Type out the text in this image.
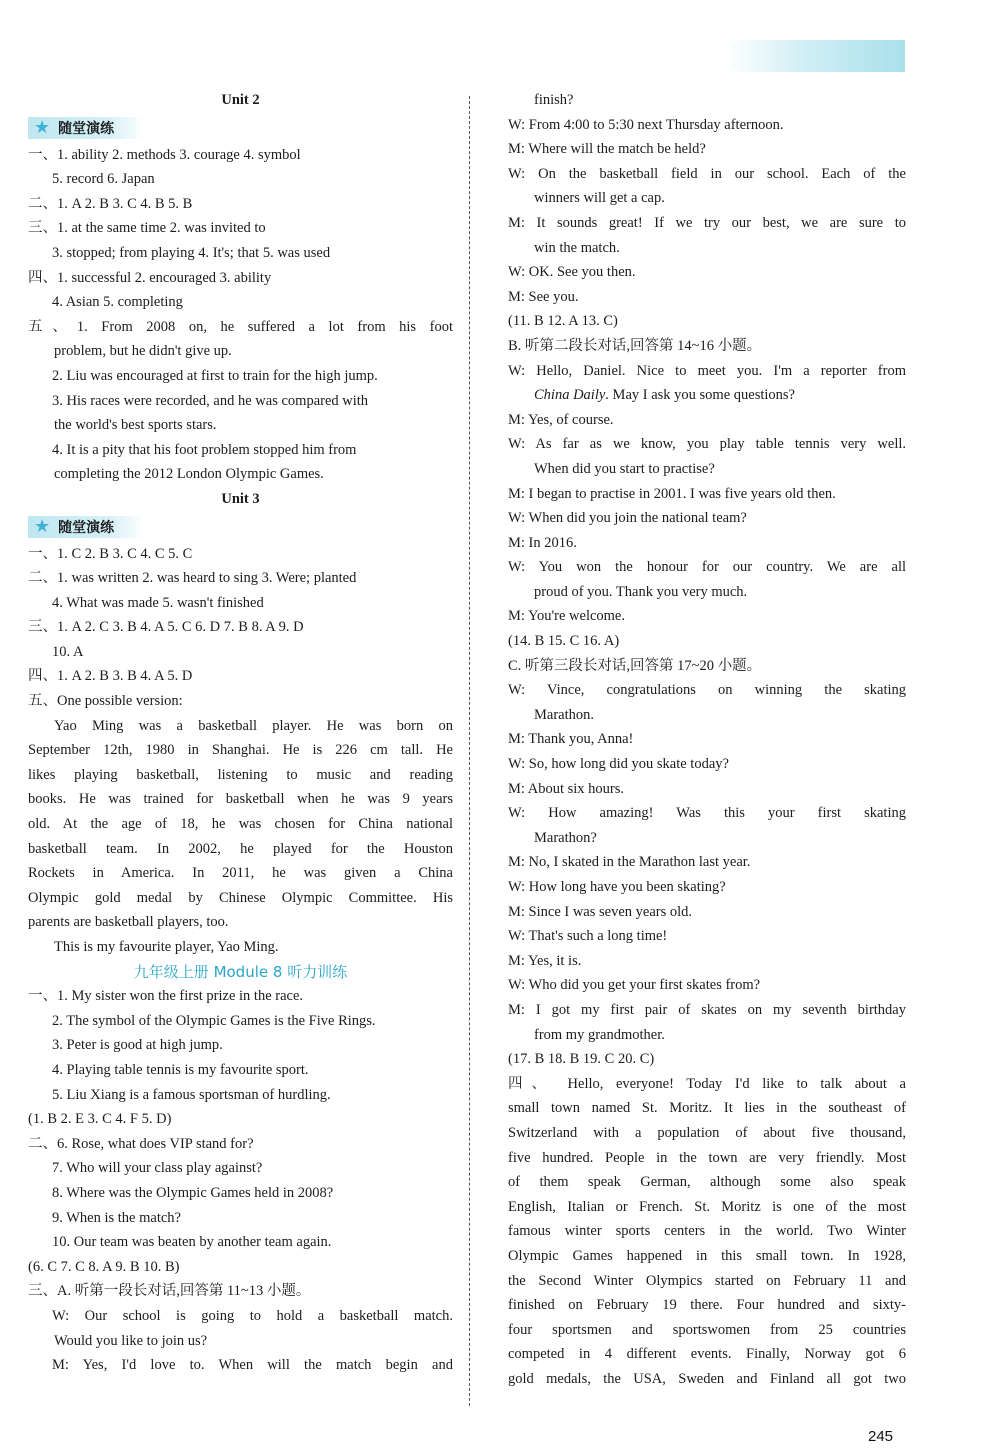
Unit 2
★ 随堂演练
一、1. ability 2. methods 3. courage 4. symbol
5. record 6. Japan
二、1. A 2. B 3. C 4. B 5. B
三、1. at the same time 2. was invited to
3. stopped; from playing 4. It's; that 5. was used
四、1. successful 2. encouraged 3. ability
4. Asian 5. completing
五、1. From 2008 on, he suffered a lot from his foot
problem, but he didn't give up.
2. Liu was encouraged at first to train for the high jump.
3. His races were recorded, and he was compared with
the world's best sports stars.
4. It is a pity that his foot problem stopped him from
completing the 2012 London Olympic Games.
Unit 3
★ 随堂演练
一、1. C 2. B 3. C 4. C 5. C
二、1. was written 2. was heard to sing 3. Were; planted
4. What was made 5. wasn't finished
三、1. A 2. C 3. B 4. A 5. C 6. D 7. B 8. A 9. D
10. A
四、1. A 2. B 3. B 4. A 5. D
五、One possible version:
Yao Ming was a basketball player. He was born on
September 12th, 1980 in Shanghai. He is 226 cm tall. He
likes playing basketball, listening to music and reading
books. He was trained for basketball when he was 9 years
old. At the age of 18, he was chosen for China national
basketball team. In 2002, he played for the Houston
Rockets in America. In 2011, he was given a China
Olympic gold medal by Chinese Olympic Committee. His
parents are basketball players, too.
This is my favourite player, Yao Ming.
九年级上册 Module 8 听力训练
一、1. My sister won the first prize in the race.
2. The symbol of the Olympic Games is the Five Rings.
3. Peter is good at high jump.
4. Playing table tennis is my favourite sport.
5. Liu Xiang is a famous sportsman of hurdling.
(1. B 2. E 3. C 4. F 5. D)
二、6. Rose, what does VIP stand for?
7. Who will your class play against?
8. Where was the Olympic Games held in 2008?
9. When is the match?
10. Our team was beaten by another team again.
(6. C 7. C 8. A 9. B 10. B)
三、A. 听第一段长对话,回答第 11~13 小题。
W: Our school is going to hold a basketball match.
Would you like to join us?
M: Yes, I'd love to. When will the match begin and
finish?
W: From 4:00 to 5:30 next Thursday afternoon.
M: Where will the match be held?
W: On the basketball field in our school. Each of the
winners will get a cap.
M: It sounds great! If we try our best, we are sure to
win the match.
W: OK. See you then.
M: See you.
(11. B 12. A 13. C)
B. 听第二段长对话,回答第 14~16 小题。
W: Hello, Daniel. Nice to meet you. I'm a reporter from
China Daily. May I ask you some questions?
M: Yes, of course.
W: As far as we know, you play table tennis very well.
When did you start to practise?
M: I began to practise in 2001. I was five years old then.
W: When did you join the national team?
M: In 2016.
W: You won the honour for our country. We are all
proud of you. Thank you very much.
M: You're welcome.
(14. B 15. C 16. A)
C. 听第三段长对话,回答第 17~20 小题。
W: Vince, congratulations on winning the skating
Marathon.
M: Thank you, Anna!
W: So, how long did you skate today?
M: About six hours.
W: How amazing! Was this your first skating
Marathon?
M: No, I skated in the Marathon last year.
W: How long have you been skating?
M: Since I was seven years old.
W: That's such a long time!
M: Yes, it is.
W: Who did you get your first skates from?
M: I got my first pair of skates on my seventh birthday
from my grandmother.
(17. B 18. B 19. C 20. C)
四、 Hello, everyone! Today I'd like to talk about a
small town named St. Moritz. It lies in the southeast of
Switzerland with a population of about five thousand,
five hundred. People in the town are very friendly. Most
of them speak German, although some also speak
English, Italian or French. St. Moritz is one of the most
famous winter sports centers in the world. Two Winter
Olympic Games happened in this small town. In 1928,
the Second Winter Olympics started on February 11 and
finished on February 19 there. Four hundred and sixty-
four sportsmen and sportswomen from 25 countries
competed in 4 different events. Finally, Norway got 6
gold medals, the USA, Sweden and Finland all got two
245
